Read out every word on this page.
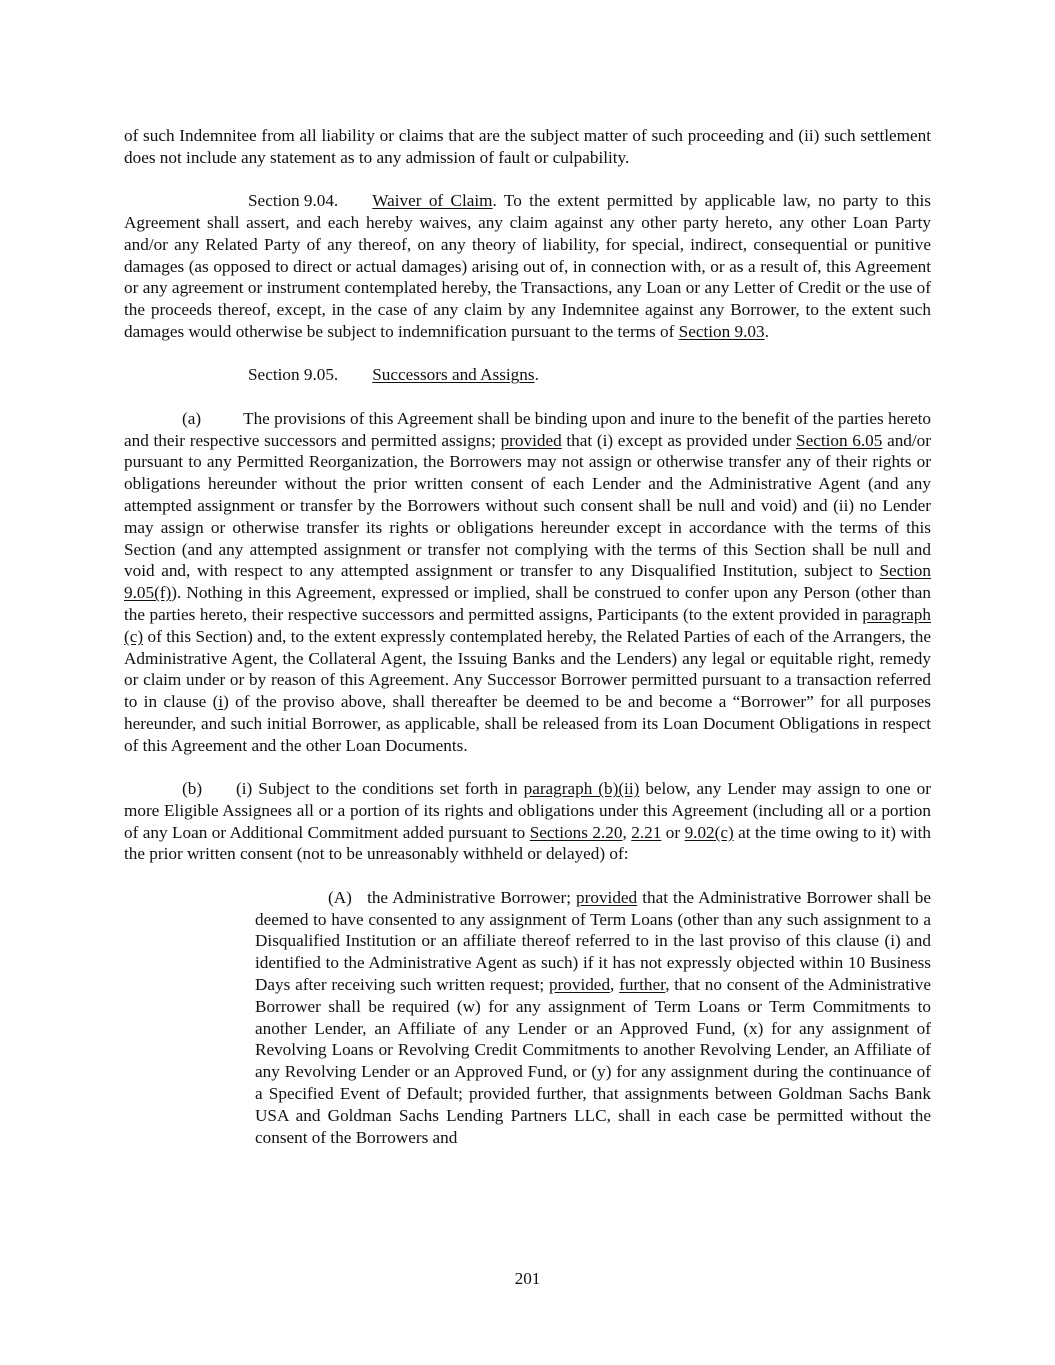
of such Indemnitee from all liability or claims that are the subject matter of such proceeding and (ii) such settlement does not include any statement as to any admission of fault or culpability.

Section 9.04. Waiver of Claim. To the extent permitted by applicable law, no party to this Agreement shall assert, and each hereby waives, any claim against any other party hereto, any other Loan Party and/or any Related Party of any thereof, on any theory of liability, for special, indirect, consequential or punitive damages (as opposed to direct or actual damages) arising out of, in connection with, or as a result of, this Agreement or any agreement or instrument contemplated hereby, the Transactions, any Loan or any Letter of Credit or the use of the proceeds thereof, except, in the case of any claim by any Indemnitee against any Borrower, to the extent such damages would otherwise be subject to indemnification pursuant to the terms of Section 9.03.

Section 9.05. Successors and Assigns.

(a) The provisions of this Agreement shall be binding upon and inure to the benefit of the parties hereto and their respective successors and permitted assigns; provided that (i) except as provided under Section 6.05 and/or pursuant to any Permitted Reorganization, the Borrowers may not assign or otherwise transfer any of their rights or obligations hereunder without the prior written consent of each Lender and the Administrative Agent (and any attempted assignment or transfer by the Borrowers without such consent shall be null and void) and (ii) no Lender may assign or otherwise transfer its rights or obligations hereunder except in accordance with the terms of this Section (and any attempted assignment or transfer not complying with the terms of this Section shall be null and void and, with respect to any attempted assignment or transfer to any Disqualified Institution, subject to Section 9.05(f)). Nothing in this Agreement, expressed or implied, shall be construed to confer upon any Person (other than the parties hereto, their respective successors and permitted assigns, Participants (to the extent provided in paragraph (c) of this Section) and, to the extent expressly contemplated hereby, the Related Parties of each of the Arrangers, the Administrative Agent, the Collateral Agent, the Issuing Banks and the Lenders) any legal or equitable right, remedy or claim under or by reason of this Agreement. Any Successor Borrower permitted pursuant to a transaction referred to in clause (i) of the proviso above, shall thereafter be deemed to be and become a “Borrower” for all purposes hereunder, and such initial Borrower, as applicable, shall be released from its Loan Document Obligations in respect of this Agreement and the other Loan Documents.

(b) (i) Subject to the conditions set forth in paragraph (b)(ii) below, any Lender may assign to one or more Eligible Assignees all or a portion of its rights and obligations under this Agreement (including all or a portion of any Loan or Additional Commitment added pursuant to Sections 2.20, 2.21 or 9.02(c) at the time owing to it) with the prior written consent (not to be unreasonably withheld or delayed) of:

(A) the Administrative Borrower; provided that the Administrative Borrower shall be deemed to have consented to any assignment of Term Loans (other than any such assignment to a Disqualified Institution or an affiliate thereof referred to in the last proviso of this clause (i) and identified to the Administrative Agent as such) if it has not expressly objected within 10 Business Days after receiving such written request; provided, further, that no consent of the Administrative Borrower shall be required (w) for any assignment of Term Loans or Term Commitments to another Lender, an Affiliate of any Lender or an Approved Fund, (x) for any assignment of Revolving Loans or Revolving Credit Commitments to another Revolving Lender, an Affiliate of any Revolving Lender or an Approved Fund, or (y) for any assignment during the continuance of a Specified Event of Default; provided further, that assignments between Goldman Sachs Bank USA and Goldman Sachs Lending Partners LLC, shall in each case be permitted without the consent of the Borrowers and

201
